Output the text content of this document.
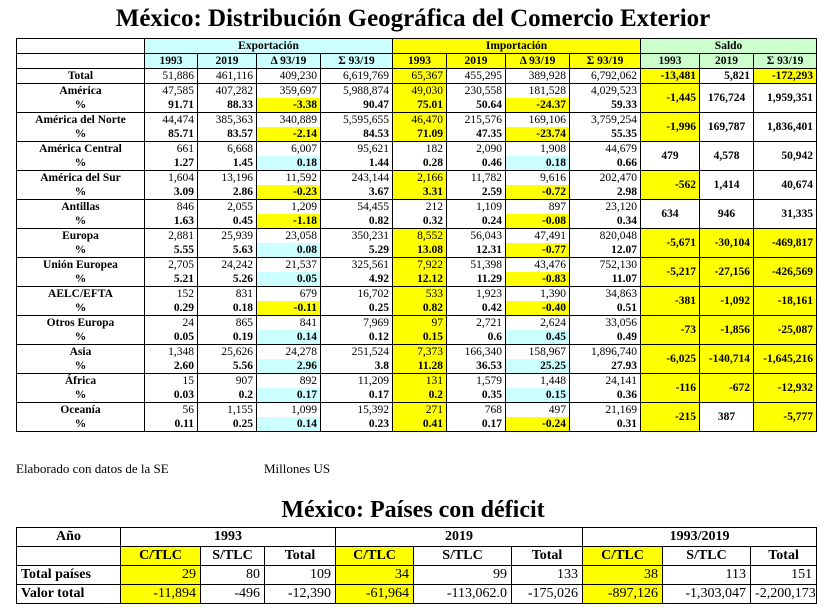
México: Distribución Geográfica del Comercio Exterior
	Exportación				Importación				Saldo		
	1993	2019	Δ 93/19	Σ 93/19	1993	2019	Δ 93/19	Σ 93/19	1993	2019	Σ 93/19
Total	51,886	461,116	409,230	6,619,769	65,367	455,295	389,928	6,792,062	-13,481	5,821	-172,293
América	47,585	407,282	359,697	5,988,874	49,030	230,558	181,528	4,029,523	-1,445	176,724	1,959,351
%	91.71	88.33	-3.38	90.47	75.01	50.64	-24.37	59.33			
América del Norte	44,474	385,363	340,889	5,595,655	46,470	215,576	169,106	3,759,254	-1,996	169,787	1,836,401
%	85.71	83.57	-2.14	84.53	71.09	47.35	-23.74	55.35			
América Central	661	6,668	6,007	95,621	182	2,090	1,908	44,679	479	4,578	50,942
%	1.27	1.45	0.18	1.44	0.28	0.46	0.18	0.66			
América del Sur	1,604	13,196	11,592	243,144	2,166	11,782	9,616	202,470	-562	1,414	40,674
%	3.09	2.86	-0.23	3.67	3.31	2.59	-0.72	2.98			
Antillas	846	2,055	1,209	54,455	212	1,109	897	23,120	634	946	31,335
%	1.63	0.45	-1.18	0.82	0.32	0.24	-0.08	0.34			
Europa	2,881	25,939	23,058	350,231	8,552	56,043	47,491	820,048	-5,671	-30,104	-469,817
%	5.55	5.63	0.08	5.29	13.08	12.31	-0.77	12.07			
Unión Europea	2,705	24,242	21,537	325,561	7,922	51,398	43,476	752,130	-5,217	-27,156	-426,569
%	5.21	5.26	0.05	4.92	12.12	11.29	-0.83	11.07			
AELC/EFTA	152	831	679	16,702	533	1,923	1,390	34,863	-381	-1,092	-18,161
%	0.29	0.18	-0.11	0.25	0.82	0.42	-0.40	0.51			
Otros Europa	24	865	841	7,969	97	2,721	2,624	33,056	-73	-1,856	-25,087
%	0.05	0.19	0.14	0.12	0.15	0.6	0.45	0.49			
Asia	1,348	25,626	24,278	251,524	7,373	166,340	158,967	1,896,740	-6,025	-140,714	-1,645,216
%	2.60	5.56	2.96	3.8	11.28	36.53	25.25	27.93			
África	15	907	892	11,209	131	1,579	1,448	24,141	-116	-672	-12,932
%	0.03	0.2	0.17	0.17	0.2	0.35	0.15	0.36			
Oceanía	56	1,155	1,099	15,392	271	768	497	21,169	-215	387	-5,777
%	0.11	0.25	0.14	0.23	0.41	0.17	-0.24	0.31			
Elaborado con datos de la SE	Millones US
México: Países con déficit
Año	1993			2019			1993/2019		
	C/TLC	S/TLC	Total	C/TLC	S/TLC	Total	C/TLC	S/TLC	Total
Total países	29	80	109	34	99	133	38	113	151
Valor total	-11,894	-496	-12,390	-61,964	-113,062.0	-175,026	-897,126	-1,303,047	-2,200,173
